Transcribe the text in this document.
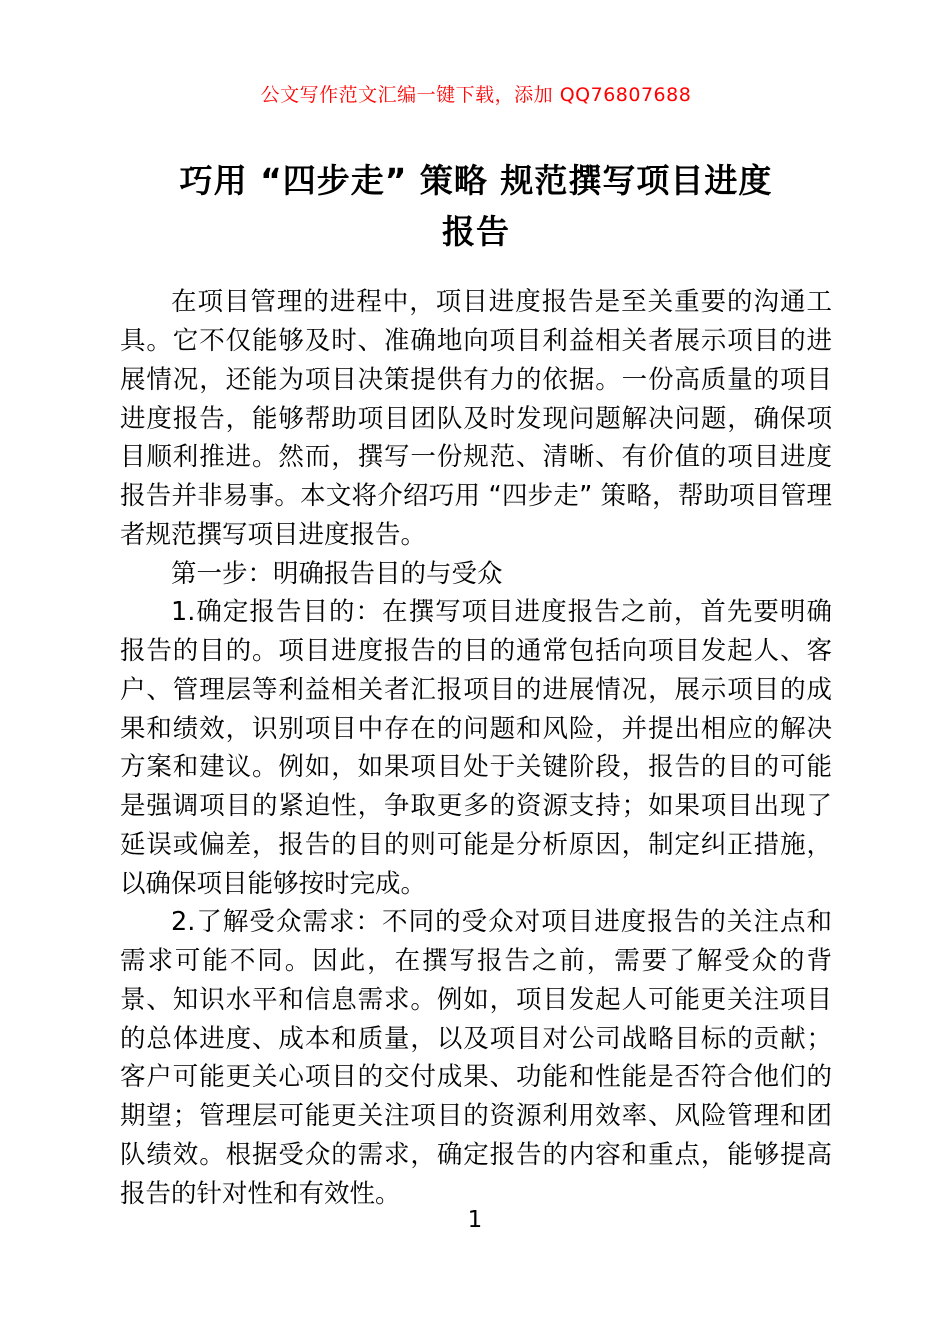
公文写作范文汇编一键下载，添加 QQ76807688
巧用 “四步走” 策略 规范撰写项目进度
报告

在项目管理的进程中，项目进度报告是至关重要的沟通工具。它不仅能够及时、准确地向项目利益相关者展示项目的进展情况，还能为项目决策提供有力的依据。一份高质量的项目进度报告，能够帮助项目团队及时发现问题解决问题，确保项目顺利推进。然而，撰写一份规范、清晰、有价值的项目进度报告并非易事。本文将介绍巧用 “四步走” 策略，帮助项目管理者规范撰写项目进度报告。

第一步：明确报告目的与受众

1.确定报告目的：在撰写项目进度报告之前，首先要明确报告的目的。项目进度报告的目的通常包括向项目发起人、客户、管理层等利益相关者汇报项目的进展情况，展示项目的成果和绩效，识别项目中存在的问题和风险，并提出相应的解决方案和建议。例如，如果项目处于关键阶段，报告的目的可能是强调项目的紧迫性，争取更多的资源支持；如果项目出现了延误或偏差，报告的目的则可能是分析原因，制定纠正措施，以确保项目能够按时完成。

2.了解受众需求：不同的受众对项目进度报告的关注点和需求可能不同。因此，在撰写报告之前，需要了解受众的背景、知识水平和信息需求。例如，项目发起人可能更关注项目的总体进度、成本和质量，以及项目对公司战略目标的贡献；客户可能更关心项目的交付成果、功能和性能是否符合他们的期望；管理层可能更关注项目的资源利用效率、风险管理和团队绩效。根据受众的需求，确定报告的内容和重点，能够提高报告的针对性和有效性。

1
